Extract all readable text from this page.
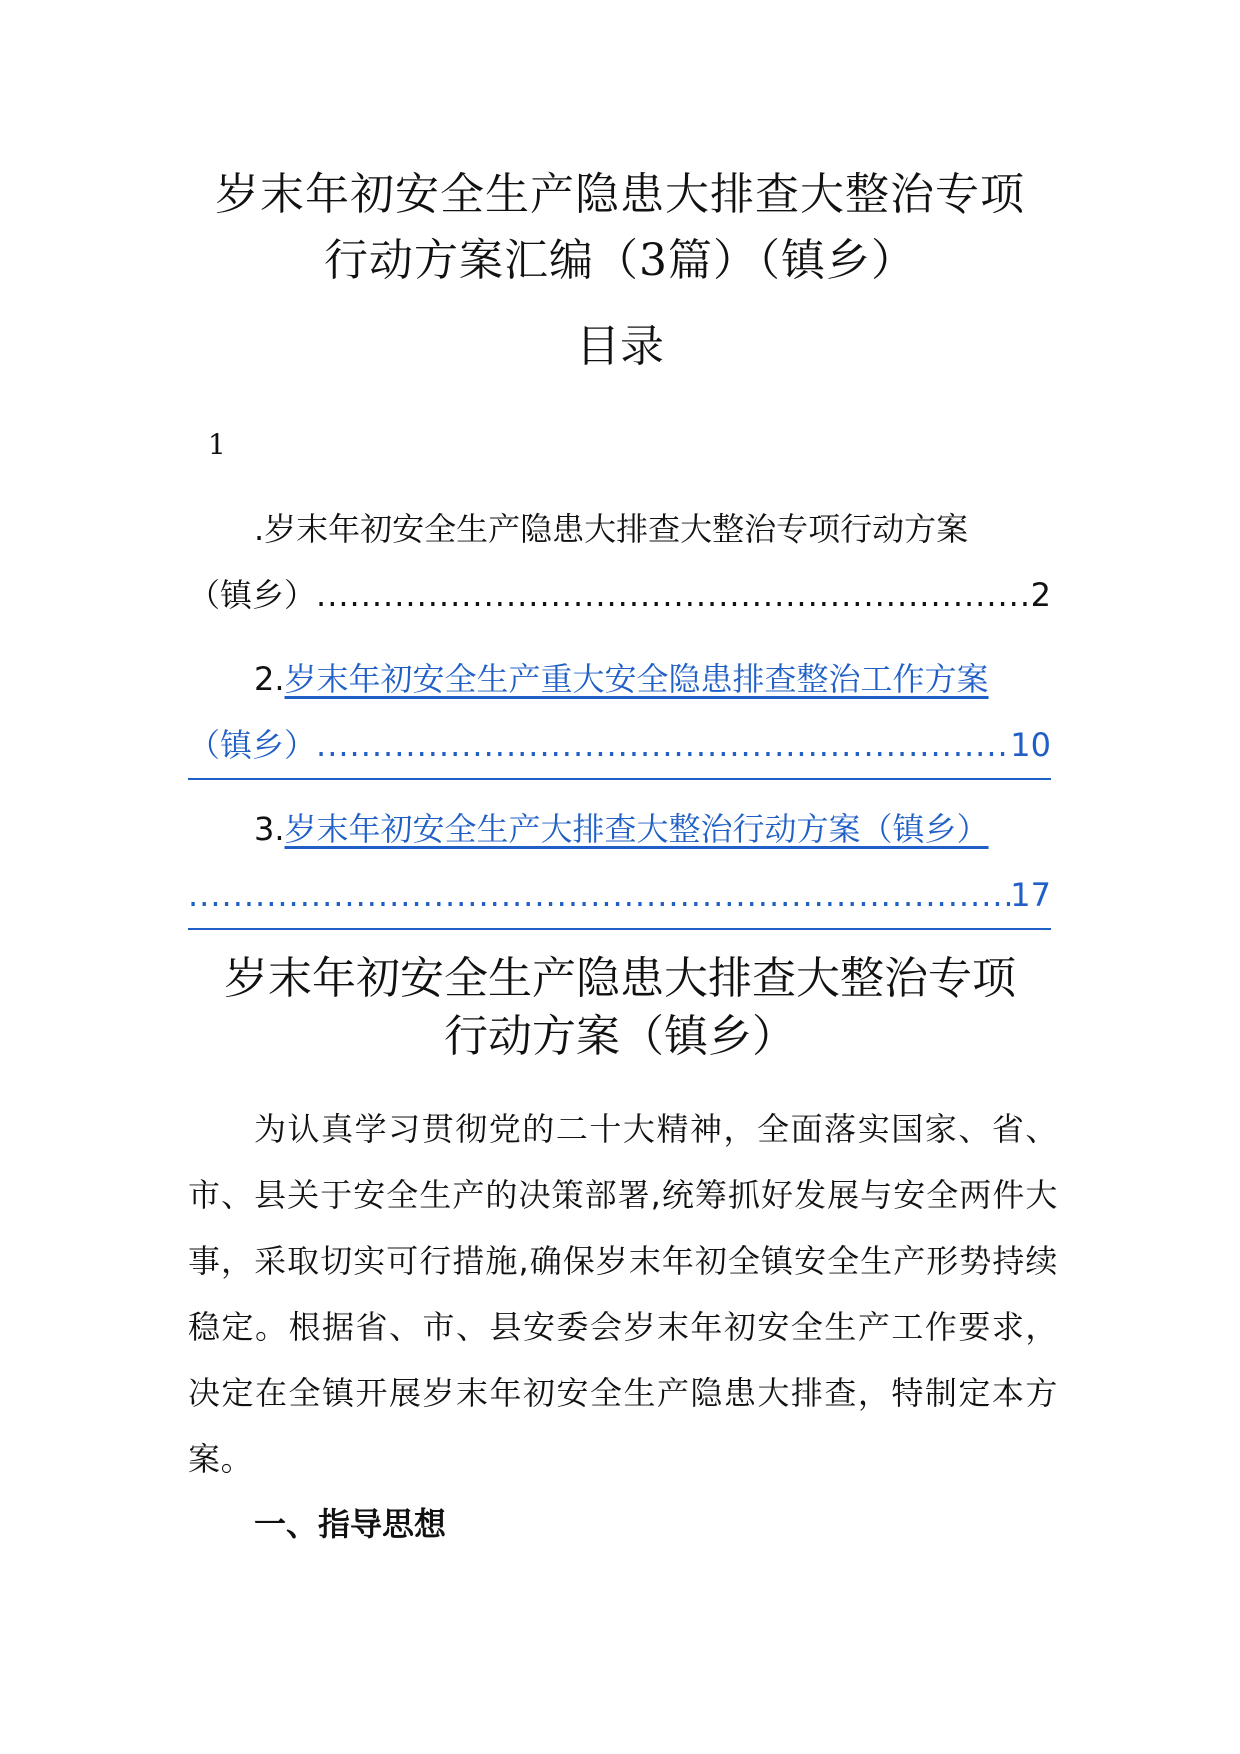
岁末年初安全生产隐患大排查大整治专项
行动方案汇编（3篇）（镇乡）
目录
1
.岁末年初安全生产隐患大排查大整治专项行动方案
（镇乡） .....	2
2.岁末年初安全生产重大安全隐患排查整治工作方案
（镇乡） .....	10
3.岁末年初安全生产大排查大整治行动方案（镇乡）
.....
17
岁末年初安全生产隐患大排查大整治专项
行动方案（镇乡）

为认真学习贯彻党的二十大精神，全面落实国家、省、市、县关于安全生产的决策部署,统筹抓好发展与安全两件大事，采取切实可行措施,确保岁末年初全镇安全生产形势持续稳定。根据省、市、县安委会岁末年初安全生产工作要求，决定在全镇开展岁末年初安全生产隐患大排查，特制定本方案。

一、指导思想
